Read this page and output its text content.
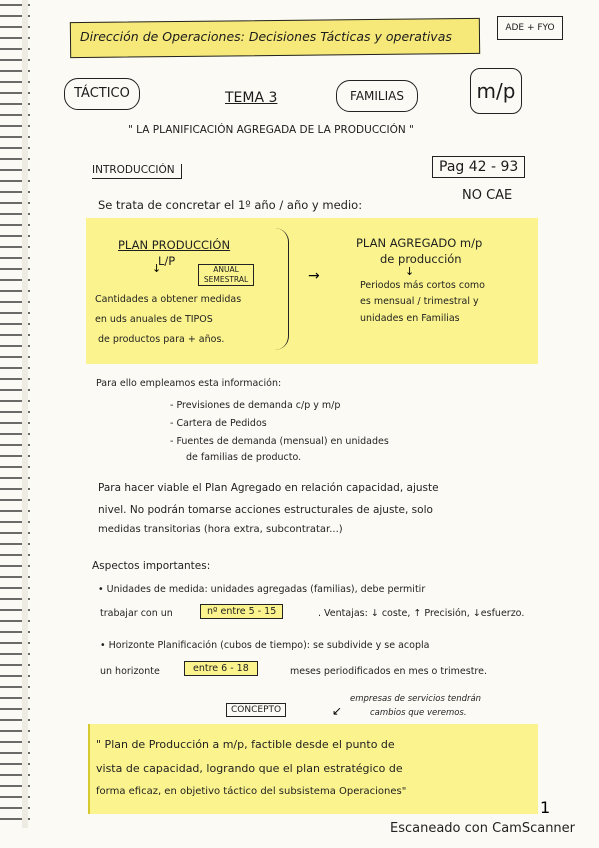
Dirección de Operaciones: Decisiones Tácticas y operativas
ADE + FYO
TÁCTICO	TEMA 3	FAMILIAS	m/p
" LA PLANIFICACIÓN AGREGADA DE LA PRODUCCIÓN "
INTRODUCCIÓN	Pag 42 - 93
NO CAE
Se trata de concretar el 1º año / año y medio:
PLAN PRODUCCIÓN
L/P
↓	ANUAL SEMESTRAL
Cantidades a obtener medidas
en uds anuales de TIPOS
de productos para + años.
→
PLAN AGREGADO m/p
de producción
↓
Periodos más cortos como
es mensual / trimestral y
unidades en Familias
Para ello empleamos esta información:
- Previsiones de demanda c/p y m/p
- Cartera de Pedidos
- Fuentes de demanda (mensual) en unidades
de familias de producto.
Para hacer viable el Plan Agregado en relación capacidad, ajuste
nivel. No podrán tomarse acciones estructurales de ajuste, solo
medidas transitorias (hora extra, subcontratar...)
Aspectos importantes:
• Unidades de medida: unidades agregadas (familias), debe permitir
trabajar con un	nº entre 5 - 15	. Ventajas: ↓ coste, ↑ Precisión, ↓esfuerzo.
• Horizonte Planificación (cubos de tiempo): se subdivide y se acopla
un horizonte	entre 6 - 18	meses periodificados en mes o trimestre.
CONCEPTO	↙
empresas de servicios tendrán
cambios que veremos.
" Plan de Producción a m/p, factible desde el punto de
vista de capacidad, logrando que el plan estratégico de
forma eficaz, en objetivo táctico del subsistema Operaciones"
1
Escaneado con CamScanner
